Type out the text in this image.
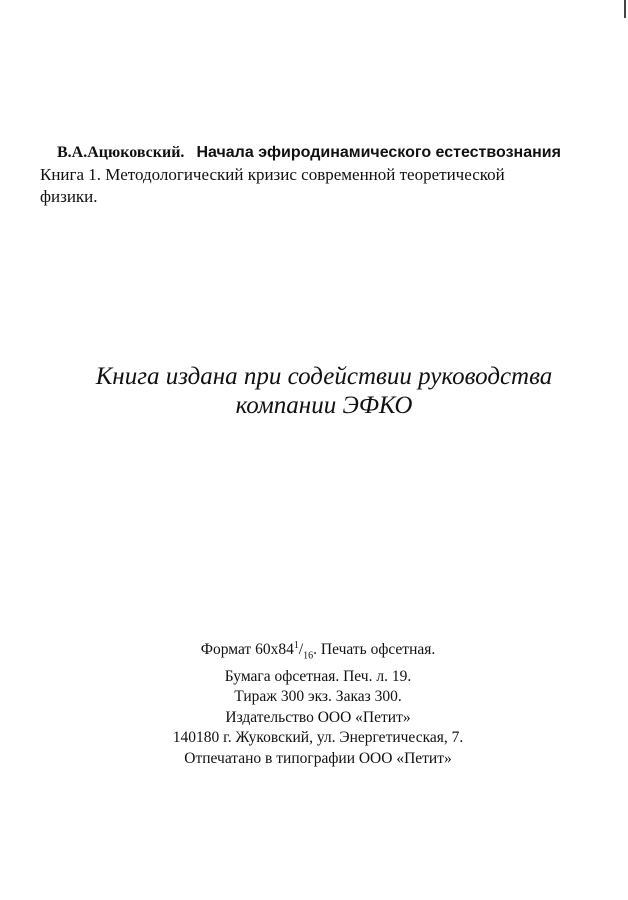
В.А.Ацюковский. Начала эфиродинамического естествознания

Книга 1. Методологический кризис современной теоретической физики.

Книга издана при содействии руководства
компании ЭФКО
Формат $60х84^1/_{16}$. Печать офсетная.
Бумага офсетная. Печ. л. 19.
Тираж 300 экз. Заказ 300.
Издательство ООО «Петит»
140180 г. Жуковский, ул. Энергетическая, 7.
Отпечатано в типографии ООО «Петит»
